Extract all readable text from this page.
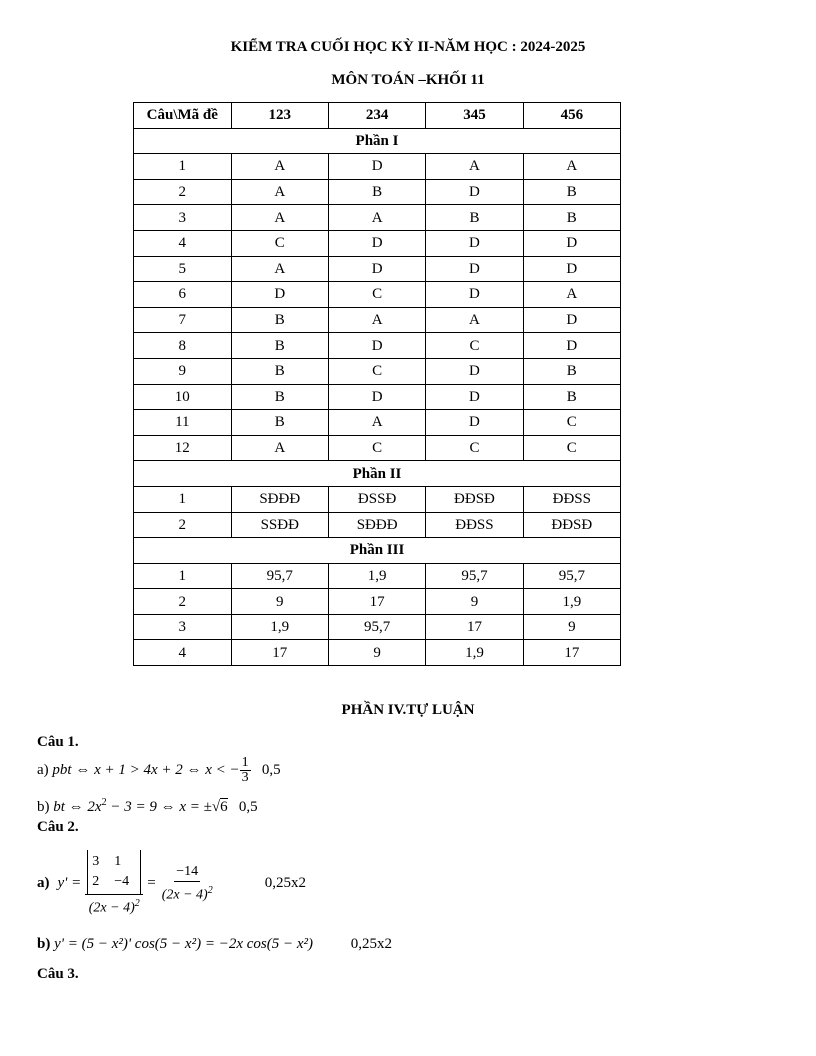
KIỂM TRA CUỐI HỌC KỲ II-NĂM HỌC : 2024-2025
MÔN TOÁN –KHỐI 11
Câu\Mã đề	123	234	345	456
Phần I				
1	A	D	A	A
2	A	B	D	B
3	A	A	B	B
4	C	D	D	D
5	A	D	D	D
6	D	C	D	A
7	B	A	A	D
8	B	D	C	D
9	B	C	D	B
10	B	D	D	B
11	B	A	D	C
12	A	C	C	C
Phần II				
1	SĐĐĐ	ĐSSĐ	ĐĐSĐ	ĐĐSS
2	SSĐĐ	SĐĐĐ	ĐĐSS	ĐĐSĐ
Phần III				
1	95,7	1,9	95,7	95,7
2	9	17	9	1,9
3	1,9	95,7	17	9
4	17	9	1,9	17
PHẦN IV.TỰ LUẬN
Câu 1.
a) pbt ⇔ x + 1 > 4x + 2 ⇔ x < − $\frac{1}{3} 0,5$
b) bt ⇔ $2x^2 - 3 = 9$ ⇔ x = ±√6 0,5
Câu 2.
a) y' =
3 1
2 −4
$(2x - 4)^2$
= $\frac{-14}{(2x - 4)^2}$	0,25x2
b) y' = (5 − x²)' cos(5 − x²) = −2x cos(5 − x²)	0,25x2
Câu 3.
